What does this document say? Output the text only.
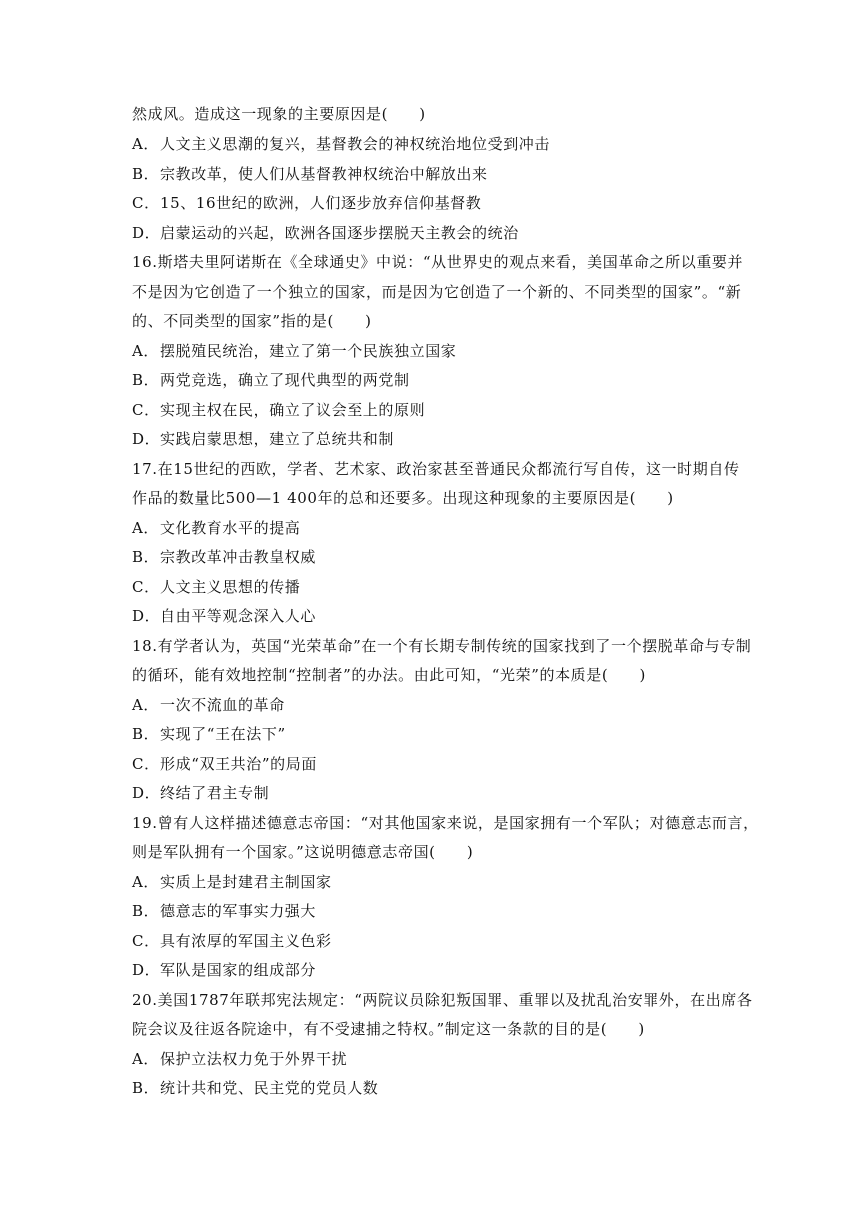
然成风。造成这一现象的主要原因是(　　)
A．人文主义思潮的复兴，基督教会的神权统治地位受到冲击
B．宗教改革，使人们从基督教神权统治中解放出来
C．15、16世纪的欧洲，人们逐步放弃信仰基督教
D．启蒙运动的兴起，欧洲各国逐步摆脱天主教会的统治
16.斯塔夫里阿诺斯在《全球通史》中说：“从世界史的观点来看，美国革命之所以重要并
不是因为它创造了一个独立的国家，而是因为它创造了一个新的、不同类型的国家”。“新
的、不同类型的国家”指的是(　　)
A．摆脱殖民统治，建立了第一个民族独立国家
B．两党竞选，确立了现代典型的两党制
C．实现主权在民，确立了议会至上的原则
D．实践启蒙思想，建立了总统共和制
17.在15世纪的西欧，学者、艺术家、政治家甚至普通民众都流行写自传，这一时期自传
作品的数量比500—1 400年的总和还要多。出现这种现象的主要原因是(　　)
A．文化教育水平的提高
B．宗教改革冲击教皇权威
C．人文主义思想的传播
D．自由平等观念深入人心
18.有学者认为，英国“光荣革命”在一个有长期专制传统的国家找到了一个摆脱革命与专制
的循环，能有效地控制“控制者”的办法。由此可知，“光荣”的本质是(　　)
A．一次不流血的革命
B．实现了“王在法下”
C．形成“双王共治”的局面
D．终结了君主专制
19.曾有人这样描述德意志帝国：“对其他国家来说，是国家拥有一个军队；对德意志而言，
则是军队拥有一个国家。”这说明德意志帝国(　　)
A．实质上是封建君主制国家
B．德意志的军事实力强大
C．具有浓厚的军国主义色彩
D．军队是国家的组成部分
20.美国1787年联邦宪法规定：“两院议员除犯叛国罪、重罪以及扰乱治安罪外，在出席各
院会议及往返各院途中，有不受逮捕之特权。”制定这一条款的目的是(　　)
A．保护立法权力免于外界干扰
B．统计共和党、民主党的党员人数
